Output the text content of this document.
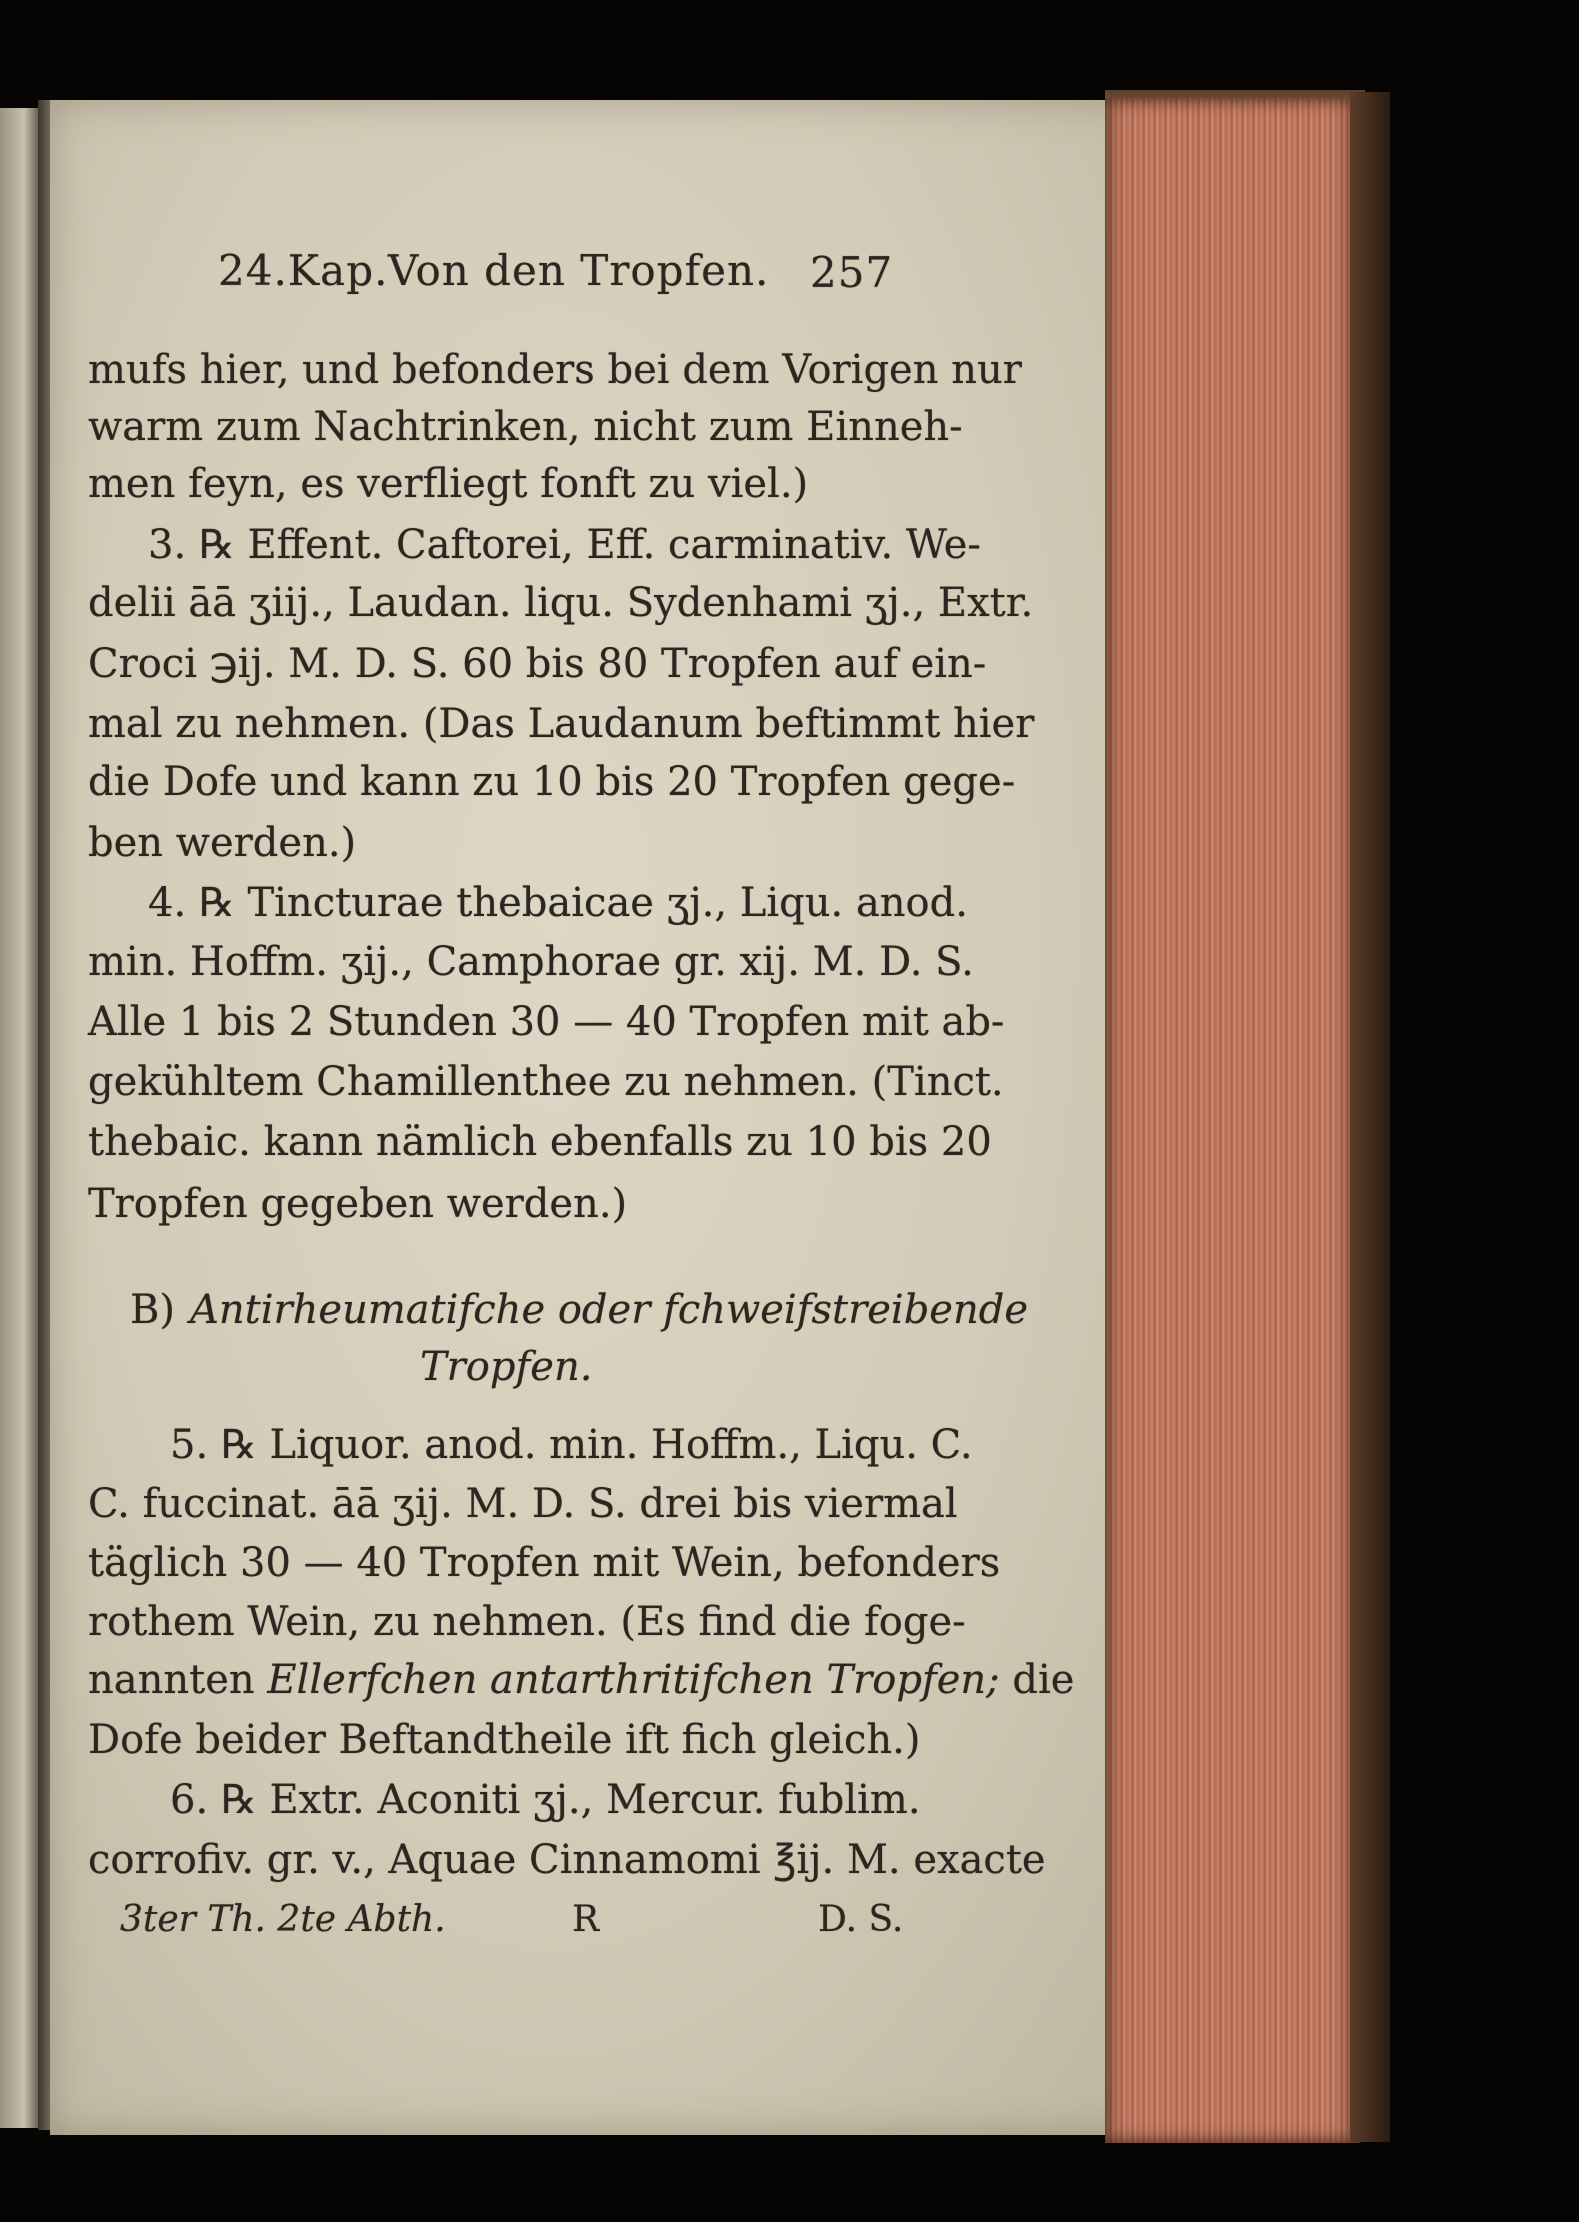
24.Kap. Von den Tropfen. 257
mufs hier, und befonders bei dem Vorigen nur
warm zum Nachtrinken, nicht zum Einneh-
men feyn, es verfliegt fonft zu viel.)
3. ℞ Effent. Caftorei, Eff. carminativ. We-
delii āā ʒiij., Laudan. liqu. Sydenhami ʒj., Extr.
Croci ℈ij. M. D. S. 60 bis 80 Tropfen auf ein-
mal zu nehmen. (Das Laudanum beftimmt hier
die Dofe und kann zu 10 bis 20 Tropfen gege-
ben werden.)
4. ℞ Tincturae thebaicae ʒj., Liqu. anod.
min. Hoffm. ʒij., Camphorae gr. xij. M. D. S.
Alle 1 bis 2 Stunden 30 — 40 Tropfen mit ab-
gekühltem Chamillenthee zu nehmen. (Tinct.
thebaic. kann nämlich ebenfalls zu 10 bis 20
Tropfen gegeben werden.)
B) Antirheumatifche oder fchweifstreibende
Tropfen.
5. ℞ Liquor. anod. min. Hoffm., Liqu. C.
C. fuccinat. āā ʒij. M. D. S. drei bis viermal
täglich 30 — 40 Tropfen mit Wein, befonders
rothem Wein, zu nehmen. (Es find die foge-
nannten Ellerfchen antarthritifchen Tropfen; die
Dofe beider Beftandtheile ift fich gleich.)
6. ℞ Extr. Aconiti ʒj., Mercur. fublim.
corrofiv. gr. v., Aquae Cinnamomi ℥ij. M. exacte
3ter Th. 2te Abth.	R	D. S.
